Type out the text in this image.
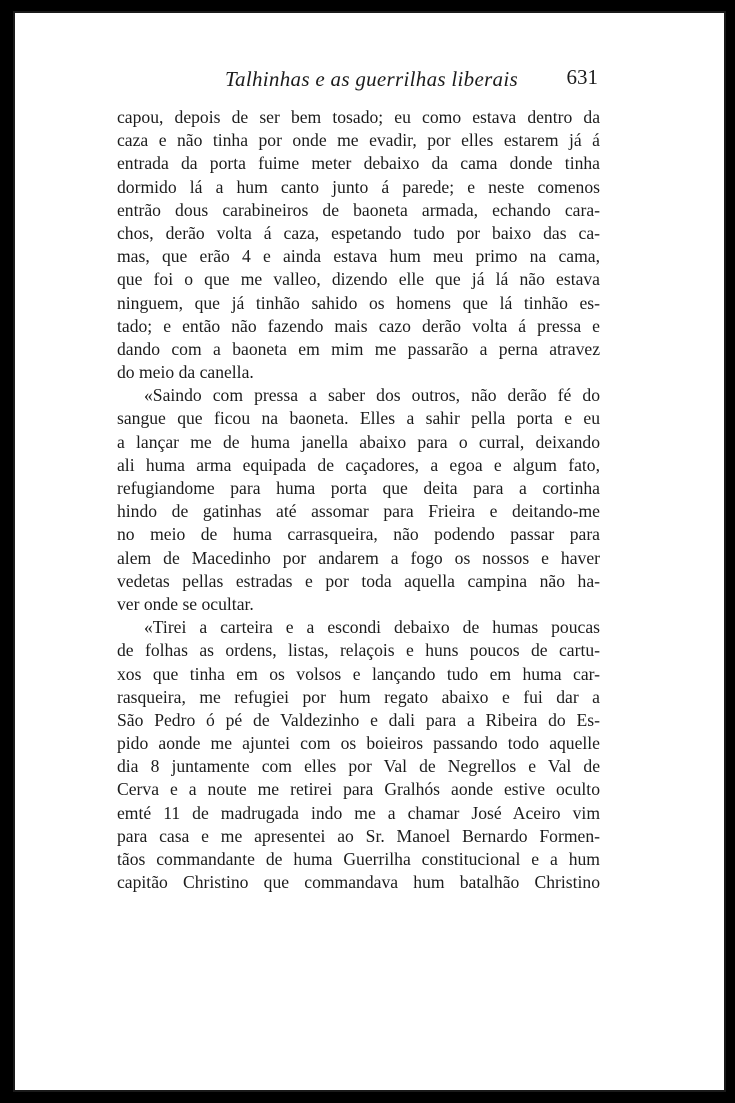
Talhinhas e as guerrilhas liberais 631
capou, depois de ser bem tosado; eu como estava dentro da
caza e não tinha por onde me evadir, por elles estarem já á
entrada da porta fuime meter debaixo da cama donde tinha
dormido lá a hum canto junto á parede; e neste comenos
entrão dous carabineiros de baoneta armada, echando cara-
chos, derão volta á caza, espetando tudo por baixo das ca-
mas, que erão 4 e ainda estava hum meu primo na cama,
que foi o que me valleo, dizendo elle que já lá não estava
ninguem, que já tinhão sahido os homens que lá tinhão es-
tado; e então não fazendo mais cazo derão volta á pressa e
dando com a baoneta em mim me passarão a perna atravez
do meio da canella.
«Saindo com pressa a saber dos outros, não derão fé do
sangue que ficou na baoneta. Elles a sahir pella porta e eu
a lançar me de huma janella abaixo para o curral, deixando
ali huma arma equipada de caçadores, a egoa e algum fato,
refugiandome para huma porta que deita para a cortinha
hindo de gatinhas até assomar para Frieira e deitando-me
no meio de huma carrasqueira, não podendo passar para
alem de Macedinho por andarem a fogo os nossos e haver
vedetas pellas estradas e por toda aquella campina não ha-
ver onde se ocultar.
«Tirei a carteira e a escondi debaixo de humas poucas
de folhas as ordens, listas, relaçois e huns poucos de cartu-
xos que tinha em os volsos e lançando tudo em huma car-
rasqueira, me refugiei por hum regato abaixo e fui dar a
São Pedro ó pé de Valdezinho e dali para a Ribeira do Es-
pido aonde me ajuntei com os boieiros passando todo aquelle
dia 8 juntamente com elles por Val de Negrellos e Val de
Cerva e a noute me retirei para Gralhós aonde estive oculto
emté 11 de madrugada indo me a chamar José Aceiro vim
para casa e me apresentei ao Sr. Manoel Bernardo Formen-
tãos commandante de huma Guerrilha constitucional e a hum
capitão Christino que commandava hum batalhão Christino
